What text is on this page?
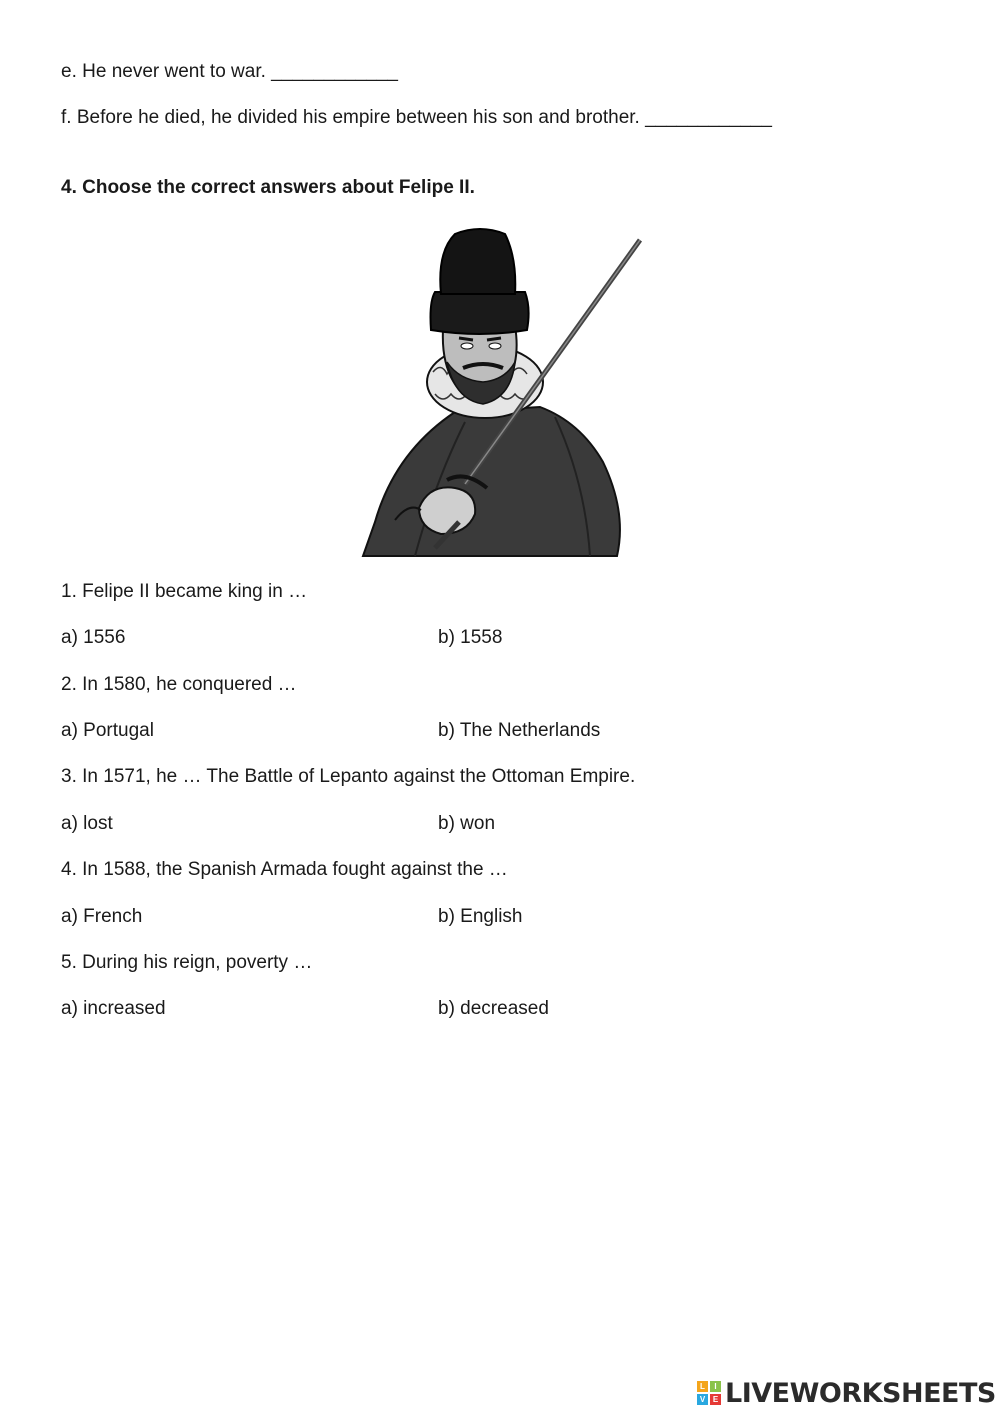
e. He never went to war. ____________
f. Before he died, he divided his empire between his son and brother. ____________
4. Choose the correct answers about Felipe II.
1. Felipe II became king in …
a) 1556	b) 1558
2. In 1580, he conquered …
a) Portugal	b) The Netherlands
3. In 1571, he … The Battle of Lepanto against the Ottoman Empire.
a) lost	b) won
4. In 1588, the Spanish Armada fought against the …
a) French	b) English
5. During his reign, poverty …
a) increased	b) decreased
L	I
V E LIVEWORKSHEETS
